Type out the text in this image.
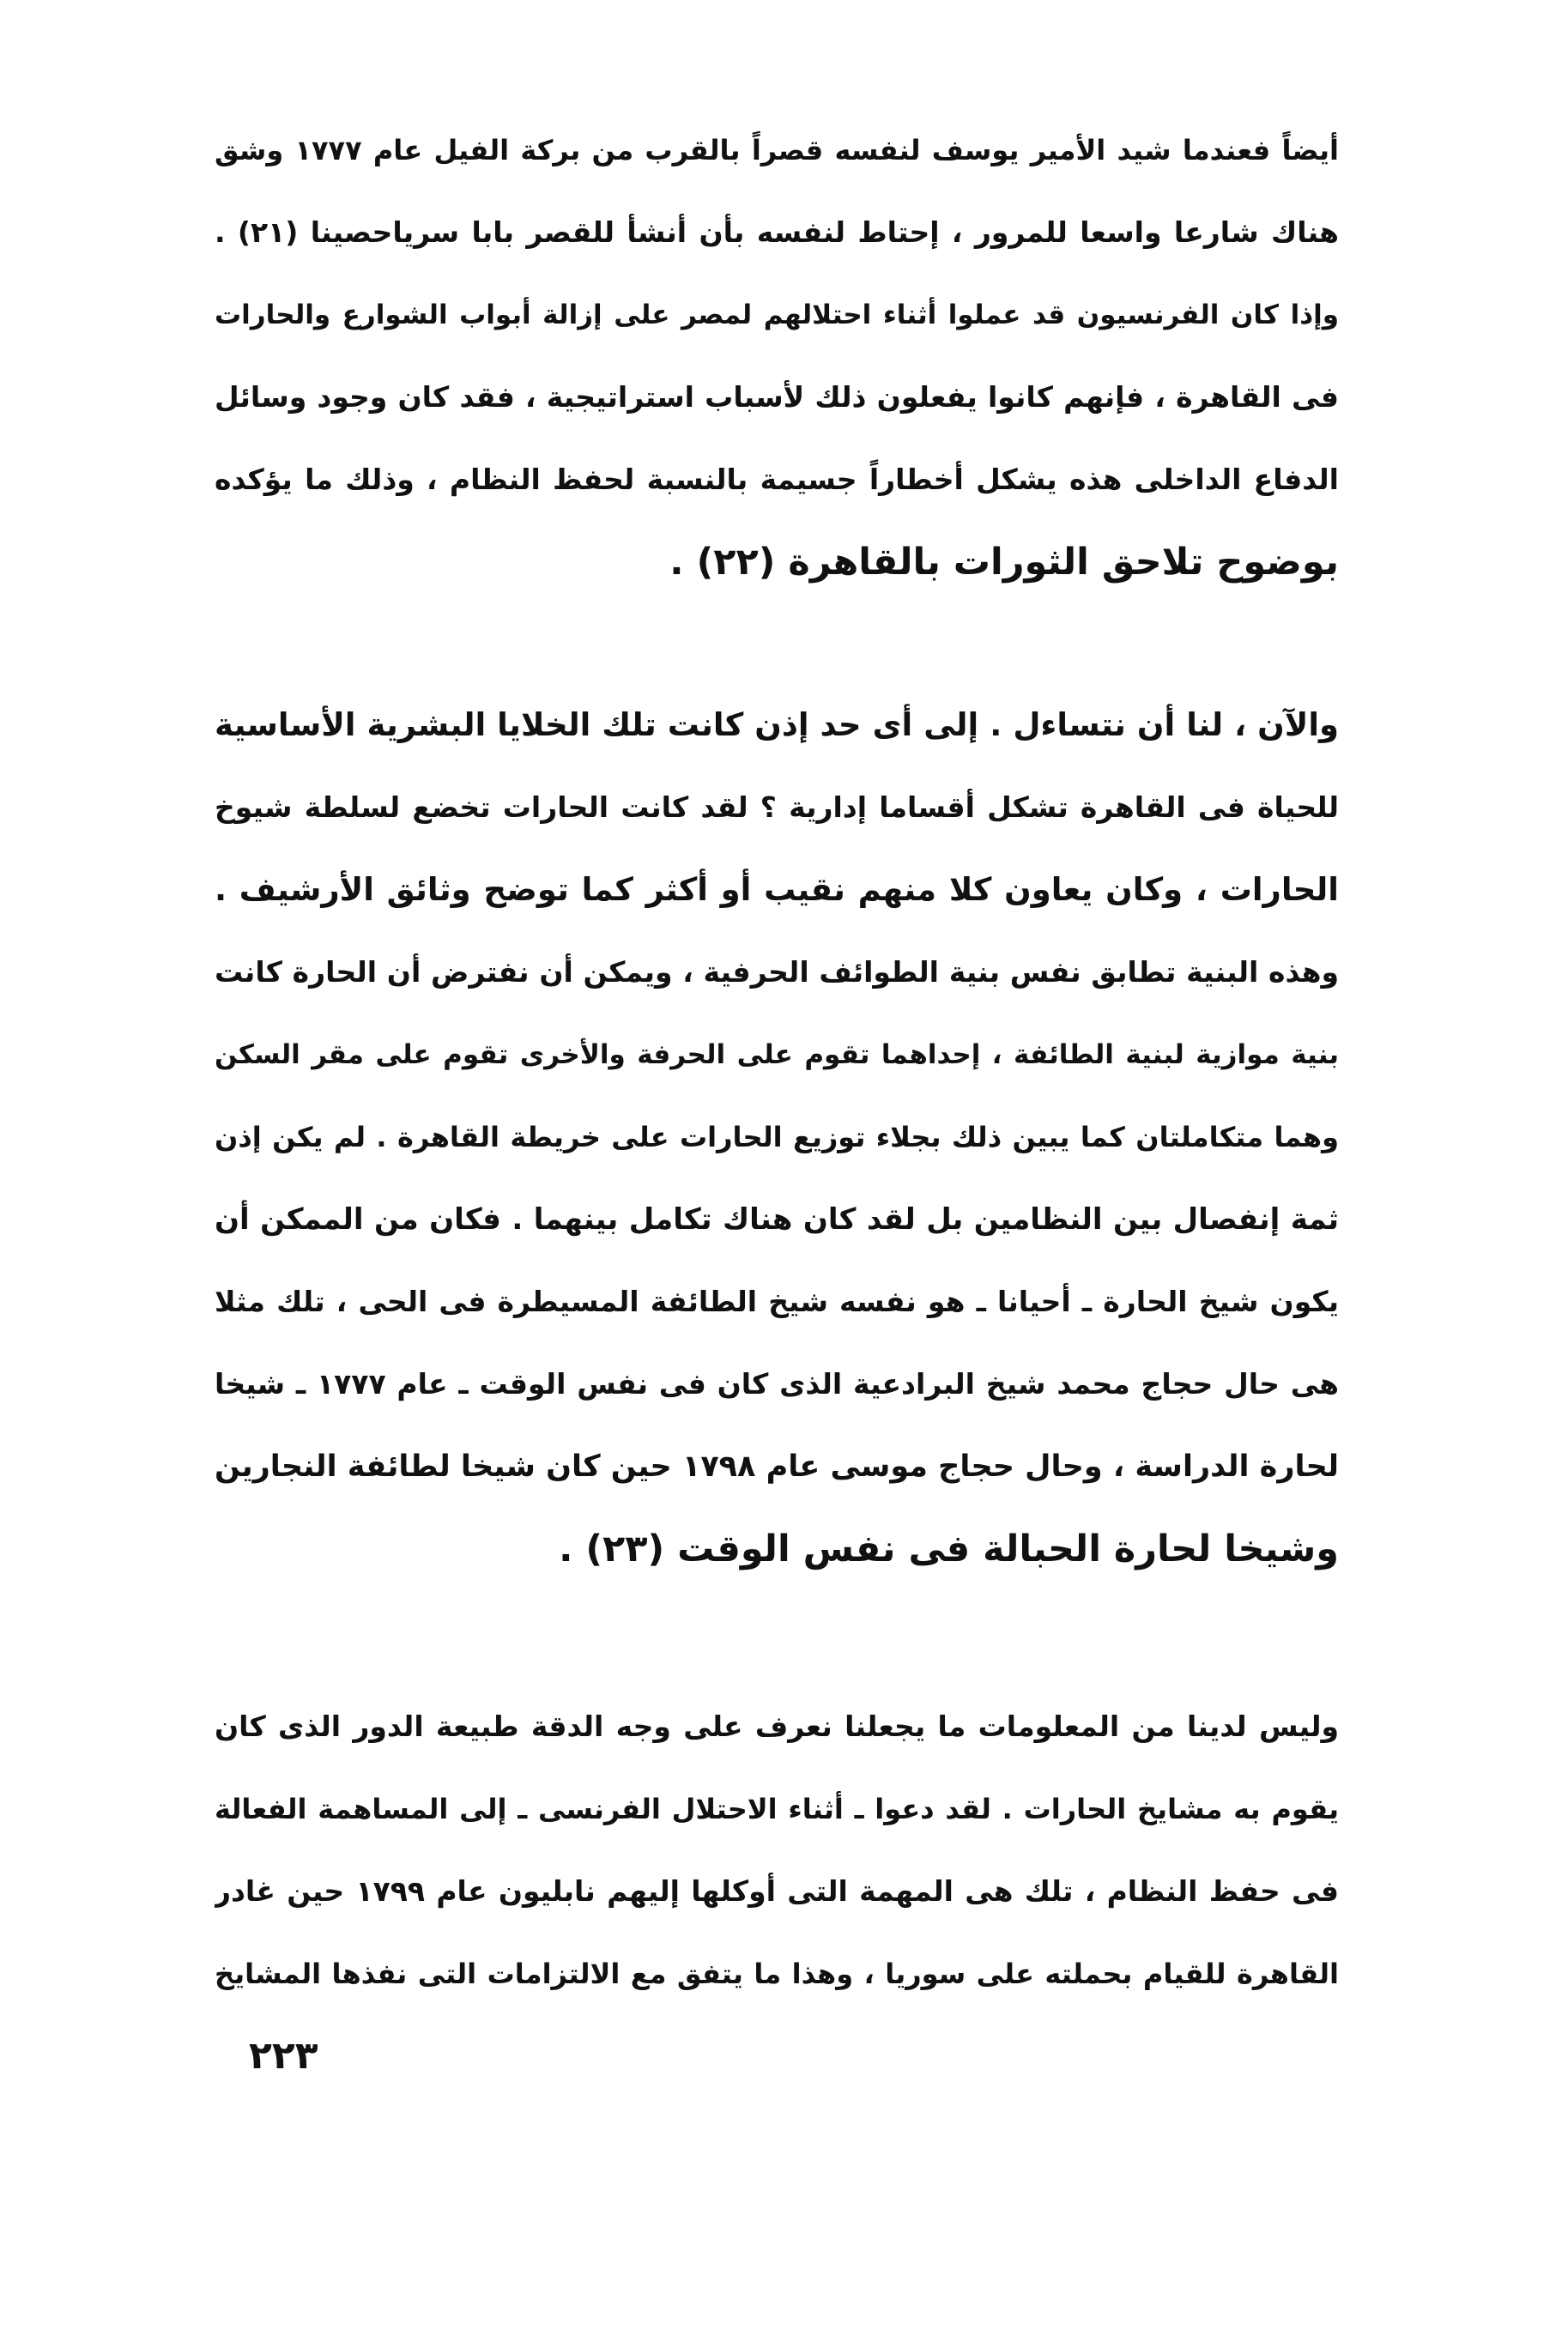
أيضاً فعندما شيد الأمير يوسف لنفسه قصراً بالقرب من بركة الفيل عام ١٧٧٧ وشق
هناك شارعا واسعا للمرور ، إحتاط لنفسه بأن أنشأ للقصر بابا سرياحصينا (٢١) .
وإذا كان الفرنسيون قد عملوا أثناء احتلالهم لمصر على إزالة أبواب الشوارع والحارات
فى القاهرة ، فإنهم كانوا يفعلون ذلك لأسباب استراتيجية ، فقد كان وجود وسائل
الدفاع الداخلى هذه يشكل أخطاراً جسيمة بالنسبة لحفظ النظام ، وذلك ما يؤكده
بوضوح تلاحق الثورات بالقاهرة (٢٢) .
والآن ، لنا أن نتساءل . إلى أى حد إذن كانت تلك الخلايا البشرية الأساسية
للحياة فى القاهرة تشكل أقساما إدارية ؟ لقد كانت الحارات تخضع لسلطة شيوخ
الحارات ، وكان يعاون كلا منهم نقيب أو أكثر كما توضح وثائق الأرشيف .
وهذه البنية تطابق نفس بنية الطوائف الحرفية ، ويمكن أن نفترض أن الحارة كانت
بنية موازية لبنية الطائفة ، إحداهما تقوم على الحرفة والأخرى تقوم على مقر السكن
وهما متكاملتان كما يبين ذلك بجلاء توزيع الحارات على خريطة القاهرة . لم يكن إذن
ثمة إنفصال بين النظامين بل لقد كان هناك تكامل بينهما . فكان من الممكن أن
يكون شيخ الحارة ـ أحيانا ـ هو نفسه شيخ الطائفة المسيطرة فى الحى ، تلك مثلا
هى حال حجاج محمد شيخ البرادعية الذى كان فى نفس الوقت ـ عام ١٧٧٧ ـ شيخا
لحارة الدراسة ، وحال حجاج موسى عام ١٧٩٨ حين كان شيخا لطائفة النجارين
وشيخا لحارة الحبالة فى نفس الوقت (٢٣) .
وليس لدينا من المعلومات ما يجعلنا نعرف على وجه الدقة طبيعة الدور الذى كان
يقوم به مشايخ الحارات . لقد دعوا ـ أثناء الاحتلال الفرنسى ـ إلى المساهمة الفعالة
فى حفظ النظام ، تلك هى المهمة التى أوكلها إليهم نابليون عام ١٧٩٩ حين غادر
القاهرة للقيام بحملته على سوريا ، وهذا ما يتفق مع الالتزامات التى نفذها المشايخ
٢٢٣
